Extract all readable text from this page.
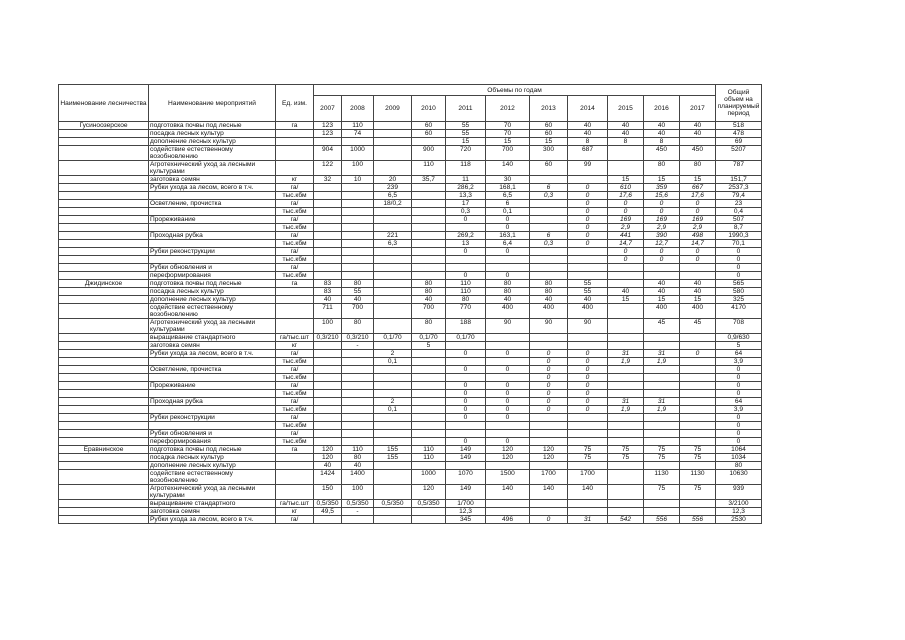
Наименование лесничества	Наименование мероприятий	Ед. изм.	Объемы по годам											Общий объем на планируемый период
			2007	2008	2009	2010	2011	2012	2013	2014	2015	2016	2017	
Гусиноозерское	подготовка почвы под лесные	га	123	110		60	55	70	60	40	40	40	40	518
	посадка лесных культур		123	74		60	55	70	60	40	40	40	40	478
	дополнение лесных культур						15	15	15	8	8	8		69
	содействие естественному возобновлению		904	1000		900	720	700	300	687		450	450	5207
	Агротехнический уход за лесными культурами		122	100		110	118	140	60	99		80	80	787
	заготовка семян	кг	32	10	20	35,7	11	30			15	15	15	151,7
	Рубки ухода за лесом, всего в т.ч.	га/			239		286,2	168,1	6	0	610	359	667	2537,3
		тыс.кбм			6,5		13,3	6,5	0,3	0	17,6	15,6	17,6	79,4
	Осветление, прочистка	га/			18/0,2		17	6		0	0	0	0	23
		тыс.кбм					0,3	0,1		0	0	0	0	0,4
	Прореживание	га/					0	0		0	169	169	169	507
		тыс.кбм						0		0	2,9	2,9	2,9	8,7
	Проходная рубка	га/			221		269,2	163,1	6	0	441	390	498	1990,3
		тыс.кбм			6,3		13	6,4	0,3	0	14,7	12,7	14,7	70,1
	Рубки реконструкции	га/					0	0			0	0	0	0
		тыс.кбм									0	0	0	0
	Рубки обновления и	га/												0
	переформирования	тыс.кбм					0	0						0
Джидинское	подготовка почвы под лесные	га	83	80		80	110	80	80	55		40	40	565
	посадка лесных культур		83	55		80	110	80	80	55	40	40	40	580
	дополнение лесных культур		40	40		40	80	40	40	40	15	15	15	325
	содействие естественному возобновлению		711	700		700	770	400	400	400		400	400	4170
	Агротехнический уход за лесными культурами		100	80		80	188	90	90	90		45	45	708
	выращивание стандартного	га/тыс.шт	0,3/210	0,3/210	0,1/70	0,1/70	0,1/70							0,9/630
	заготовка семян	кг		-		5								5
	Рубки ухода за лесом, всего в т.ч.	га/			2		0	0	0	0	31	31	0	64
		тыс.кбм			0,1				0	0	1,9	1,9		3,9
	Осветление, прочистка	га/					0	0	0	0				0
		тыс.кбм							0	0				0
	Прореживание	га/					0	0	0	0				0
		тыс.кбм					0	0	0	0				0
	Проходная рубка	га/			2		0	0	0	0	31	31		64
		тыс.кбм			0,1		0	0	0	0	1,9	1,9		3,9
	Рубки реконструкции	га/					0	0						0
		тыс.кбм												0
	Рубки обновления и	га/												0
	переформирования	тыс.кбм					0	0						0
Еравнинское	подготовка почвы под лесные	га	120	110	155	110	149	120	120	75	75	75	75	1064
	посадка лесных культур		120	80	155	110	149	120	120	75	75	75	75	1034
	дополнение лесных культур		40	40										80
	содействие естественному возобновлению		1424	1400		1000	1070	1500	1700	1700		1130	1130	10630
	Агротехнический уход за лесными культурами		150	100		120	149	140	140	140		75	75	939
	выращивание стандартного	га/тыс.шт	0,5/350	0,5/350	0,5/350	0,5/350	1/700							3/2100
	заготовка семян	кг	49,5	-			12,3							12,3
	Рубки ухода за лесом, всего в т.ч.	га/					345	496	0	31	542	556	556	2530
